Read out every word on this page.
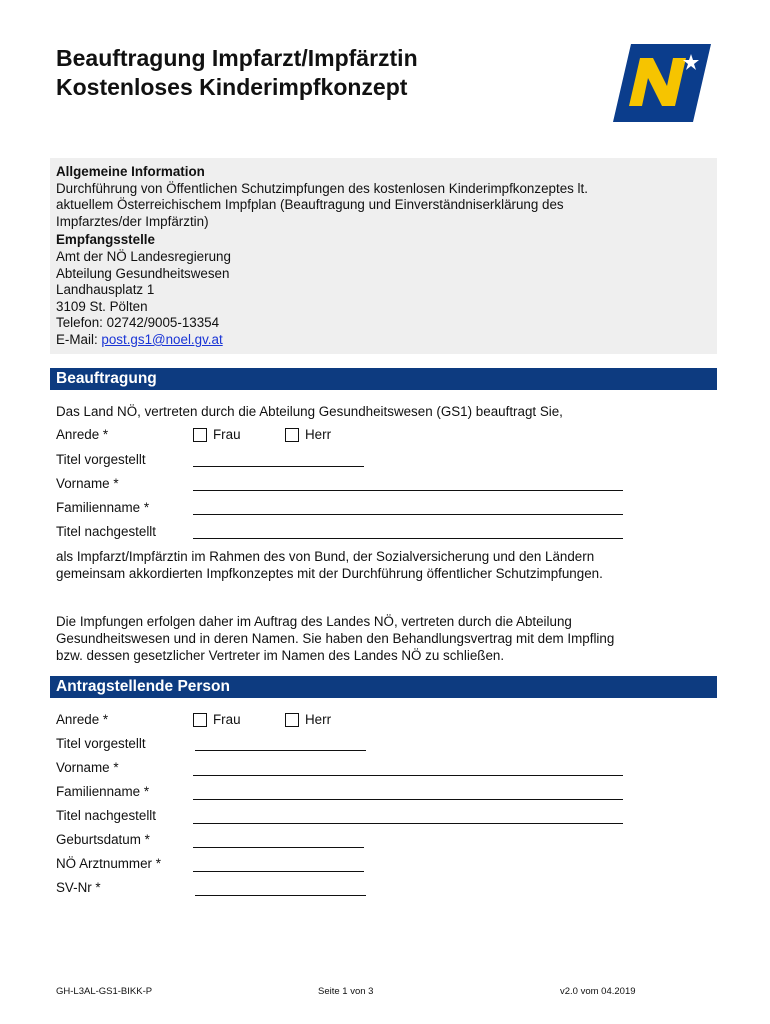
Beauftragung Impfarzt/Impfärztin
Kostenloses Kinderimpfkonzept

Allgemeine Information

Durchführung von Öffentlichen Schutzimpfungen des kostenlosen Kinderimpfkonzeptes lt.

aktuellem Österreichischem Impfplan (Beauftragung und Einverständniserklärung des

Impfarztes/der Impfärztin)

Empfangsstelle

Amt der NÖ Landesregierung

Abteilung Gesundheitswesen

Landhausplatz 1

3109 St. Pölten

Telefon: 02742/9005-13354

E-Mail: post.gs1@noel.gv.at

Beauftragung
Das Land NÖ, vertreten durch die Abteilung Gesundheitswesen (GS1) beauftragt Sie,
Anrede *	Frau	Herr
Titel vorgestellt
Vorname *
Familienname *
Titel nachgestellt
als Impfarzt/Impfärztin im Rahmen des von Bund, der Sozialversicherung und den Ländern
gemeinsam akkordierten Impfkonzeptes mit der Durchführung öffentlicher Schutzimpfungen.
Die Impfungen erfolgen daher im Auftrag des Landes NÖ, vertreten durch die Abteilung
Gesundheitswesen und in deren Namen. Sie haben den Behandlungsvertrag mit dem Impfling
bzw. dessen gesetzlicher Vertreter im Namen des Landes NÖ zu schließen.
Antragstellende Person
Anrede *	Frau	Herr
Titel vorgestellt
Vorname *
Familienname *
Titel nachgestellt
Geburtsdatum *
NÖ Arztnummer *
SV-Nr *
GH-L3AL-GS1-BIKK-P	Seite 1 von 3	v2.0 vom 04.2019
